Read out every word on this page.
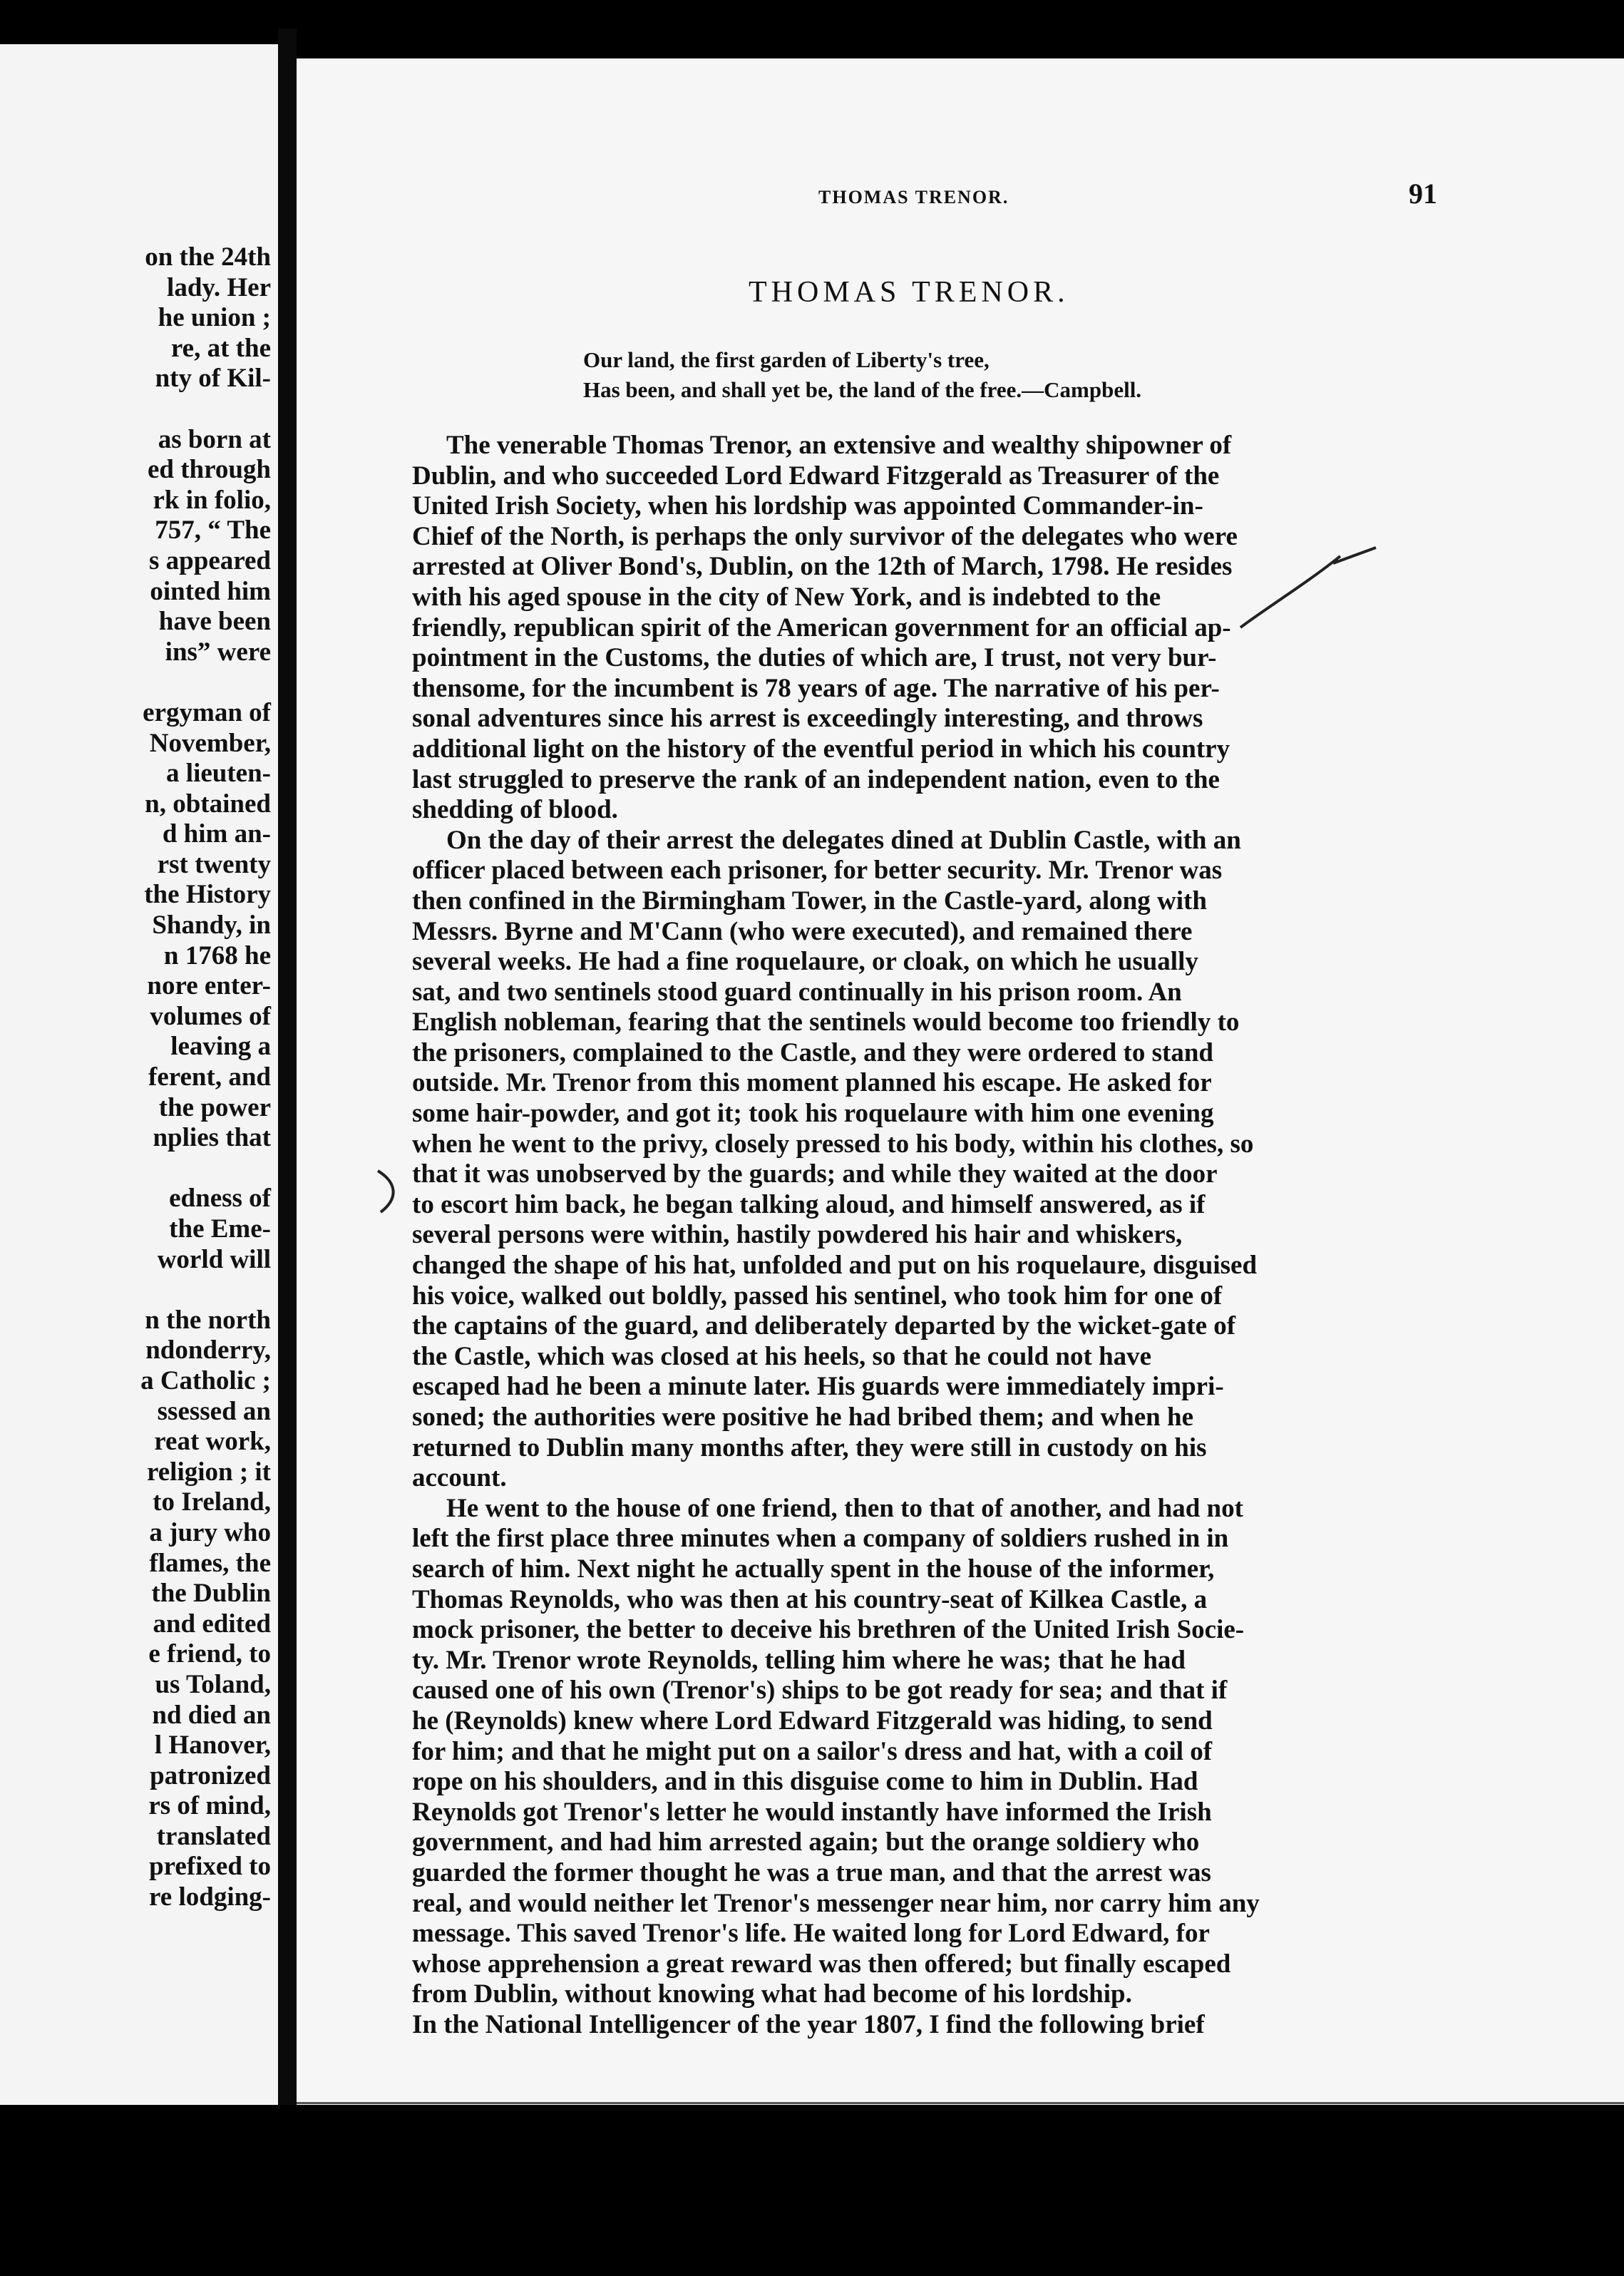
on the 24th
lady. Her
he union ;
re, at the
nty of Kil-
as born at
ed through
rk in folio,
757, “ The
s appeared
ointed him
have been
ins” were
ergyman of
November,
a lieuten-
n, obtained
d him an-
rst twenty
the History
Shandy, in
n 1768 he
nore enter-
volumes of
leaving a
ferent, and
the power
nplies that
edness of
the Eme-
world will
n the north
ndonderry,
a Catholic ;
ssessed an
reat work,
religion ; it
to Ireland,
a jury who
flames, the
the Dublin
and edited
e friend, to
us Toland,
nd died an
l Hanover,
patronized
rs of mind,
translated
prefixed to
re lodging-
THOMAS TRENOR.	91
THOMAS TRENOR.
Our land, the first garden of Liberty's tree,
Has been, and shall yet be, the land of the free.—Campbell.
The venerable Thomas Trenor, an extensive and wealthy shipowner of
Dublin, and who succeeded Lord Edward Fitzgerald as Treasurer of the
United Irish Society, when his lordship was appointed Commander-in-
Chief of the North, is perhaps the only survivor of the delegates who were
arrested at Oliver Bond's, Dublin, on the 12th of March, 1798. He resides
with his aged spouse in the city of New York, and is indebted to the
friendly, republican spirit of the American government for an official ap-
pointment in the Customs, the duties of which are, I trust, not very bur-
thensome, for the incumbent is 78 years of age. The narrative of his per-
sonal adventures since his arrest is exceedingly interesting, and throws
additional light on the history of the eventful period in which his country
last struggled to preserve the rank of an independent nation, even to the
shedding of blood.
On the day of their arrest the delegates dined at Dublin Castle, with an
officer placed between each prisoner, for better security. Mr. Trenor was
then confined in the Birmingham Tower, in the Castle-yard, along with
Messrs. Byrne and M'Cann (who were executed), and remained there
several weeks. He had a fine roquelaure, or cloak, on which he usually
sat, and two sentinels stood guard continually in his prison room. An
English nobleman, fearing that the sentinels would become too friendly to
the prisoners, complained to the Castle, and they were ordered to stand
outside. Mr. Trenor from this moment planned his escape. He asked for
some hair-powder, and got it; took his roquelaure with him one evening
when he went to the privy, closely pressed to his body, within his clothes, so
that it was unobserved by the guards; and while they waited at the door
to escort him back, he began talking aloud, and himself answered, as if
several persons were within, hastily powdered his hair and whiskers,
changed the shape of his hat, unfolded and put on his roquelaure, disguised
his voice, walked out boldly, passed his sentinel, who took him for one of
the captains of the guard, and deliberately departed by the wicket-gate of
the Castle, which was closed at his heels, so that he could not have
escaped had he been a minute later. His guards were immediately impri-
soned; the authorities were positive he had bribed them; and when he
returned to Dublin many months after, they were still in custody on his
account.
He went to the house of one friend, then to that of another, and had not
left the first place three minutes when a company of soldiers rushed in in
search of him. Next night he actually spent in the house of the informer,
Thomas Reynolds, who was then at his country-seat of Kilkea Castle, a
mock prisoner, the better to deceive his brethren of the United Irish Socie-
ty. Mr. Trenor wrote Reynolds, telling him where he was; that he had
caused one of his own (Trenor's) ships to be got ready for sea; and that if
he (Reynolds) knew where Lord Edward Fitzgerald was hiding, to send
for him; and that he might put on a sailor's dress and hat, with a coil of
rope on his shoulders, and in this disguise come to him in Dublin. Had
Reynolds got Trenor's letter he would instantly have informed the Irish
government, and had him arrested again; but the orange soldiery who
guarded the former thought he was a true man, and that the arrest was
real, and would neither let Trenor's messenger near him, nor carry him any
message. This saved Trenor's life. He waited long for Lord Edward, for
whose apprehension a great reward was then offered; but finally escaped
from Dublin, without knowing what had become of his lordship.
In the National Intelligencer of the year 1807, I find the following brief
